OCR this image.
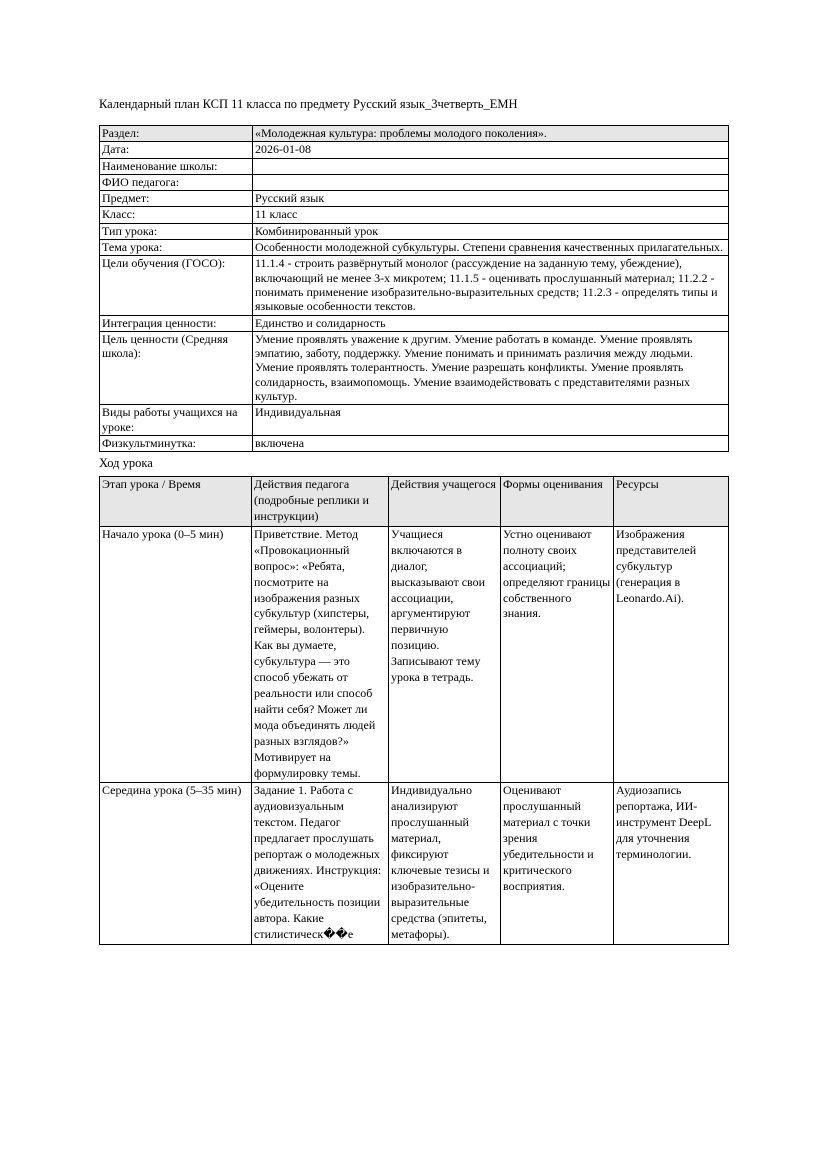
Календарный план КСП 11 класса по предмету Русский язык_3четверть_ЕМН

Раздел:	«Молодежная культура: проблемы молодого поколения».
Дата:	2026-01-08
Наименование школы:	
ФИО педагога:	
Предмет:	Русский язык
Класс:	11 класс
Тип урока:	Комбинированный урок
Тема урока:	Особенности молодежной субкультуры. Степени сравнения качественных прилагательных.
Цели обучения (ГОСО):	11.1.4 - строить развёрнутый монолог (рассуждение на заданную тему, убеждение), включающий не менее 3-х микротем; 11.1.5 - оценивать прослушанный материал; 11.2.2 - понимать применение изобразительно-выразительных средств; 11.2.3 - определять типы и языковые особенности текстов.
Интеграция ценности:	Единство и солидарность
Цель ценности (Средняя школа):	Умение проявлять уважение к другим. Умение работать в команде. Умение проявлять эмпатию, заботу, поддержку. Умение понимать и принимать различия между людьми. Умение проявлять толерантность. Умение разрешать конфликты. Умение проявлять солидарность, взаимопомощь. Умение взаимодействовать с представителями разных культур.
Виды работы учащихся на уроке:	Индивидуальная
Физкультминутка:	включена

Ход урока

Этап урока / Время	Действия педагога (подробные реплики и инструкции)	Действия учащегося	Формы оценивания	Ресурсы
Начало урока (0–5 мин)	Приветствие. Метод «Провокационный вопрос»: «Ребята, посмотрите на изображения разных субкультур (хипстеры, геймеры, волонтеры). Как вы думаете, субкультура — это способ убежать от реальности или способ найти себя? Может ли мода объединять людей разных взглядов?» Мотивирует на формулировку темы.	Учащиеся включаются в диалог, высказывают свои ассоциации, аргументируют первичную позицию. Записывают тему урока в тетрадь.	Устно оценивают полноту своих ассоциаций; определяют границы собственного знания.	Изображения представителей субкультур (генерация в Leonardo.Ai).
Середина урока (5–35 мин)	Задание 1. Работа с аудиовизуальным текстом. Педагог предлагает прослушать репортаж о молодежных движениях. Инструкция: «Оцените убедительность позиции автора. Какие стилистическ��е	Индивидуально анализируют прослушанный материал, фиксируют ключевые тезисы и изобразительно-выразительные средства (эпитеты, метафоры).	Оценивают прослушанный материал с точки зрения убедительности и критического восприятия.	Аудиозапись репортажа, ИИ-инструмент DeepL для уточнения терминологии.
